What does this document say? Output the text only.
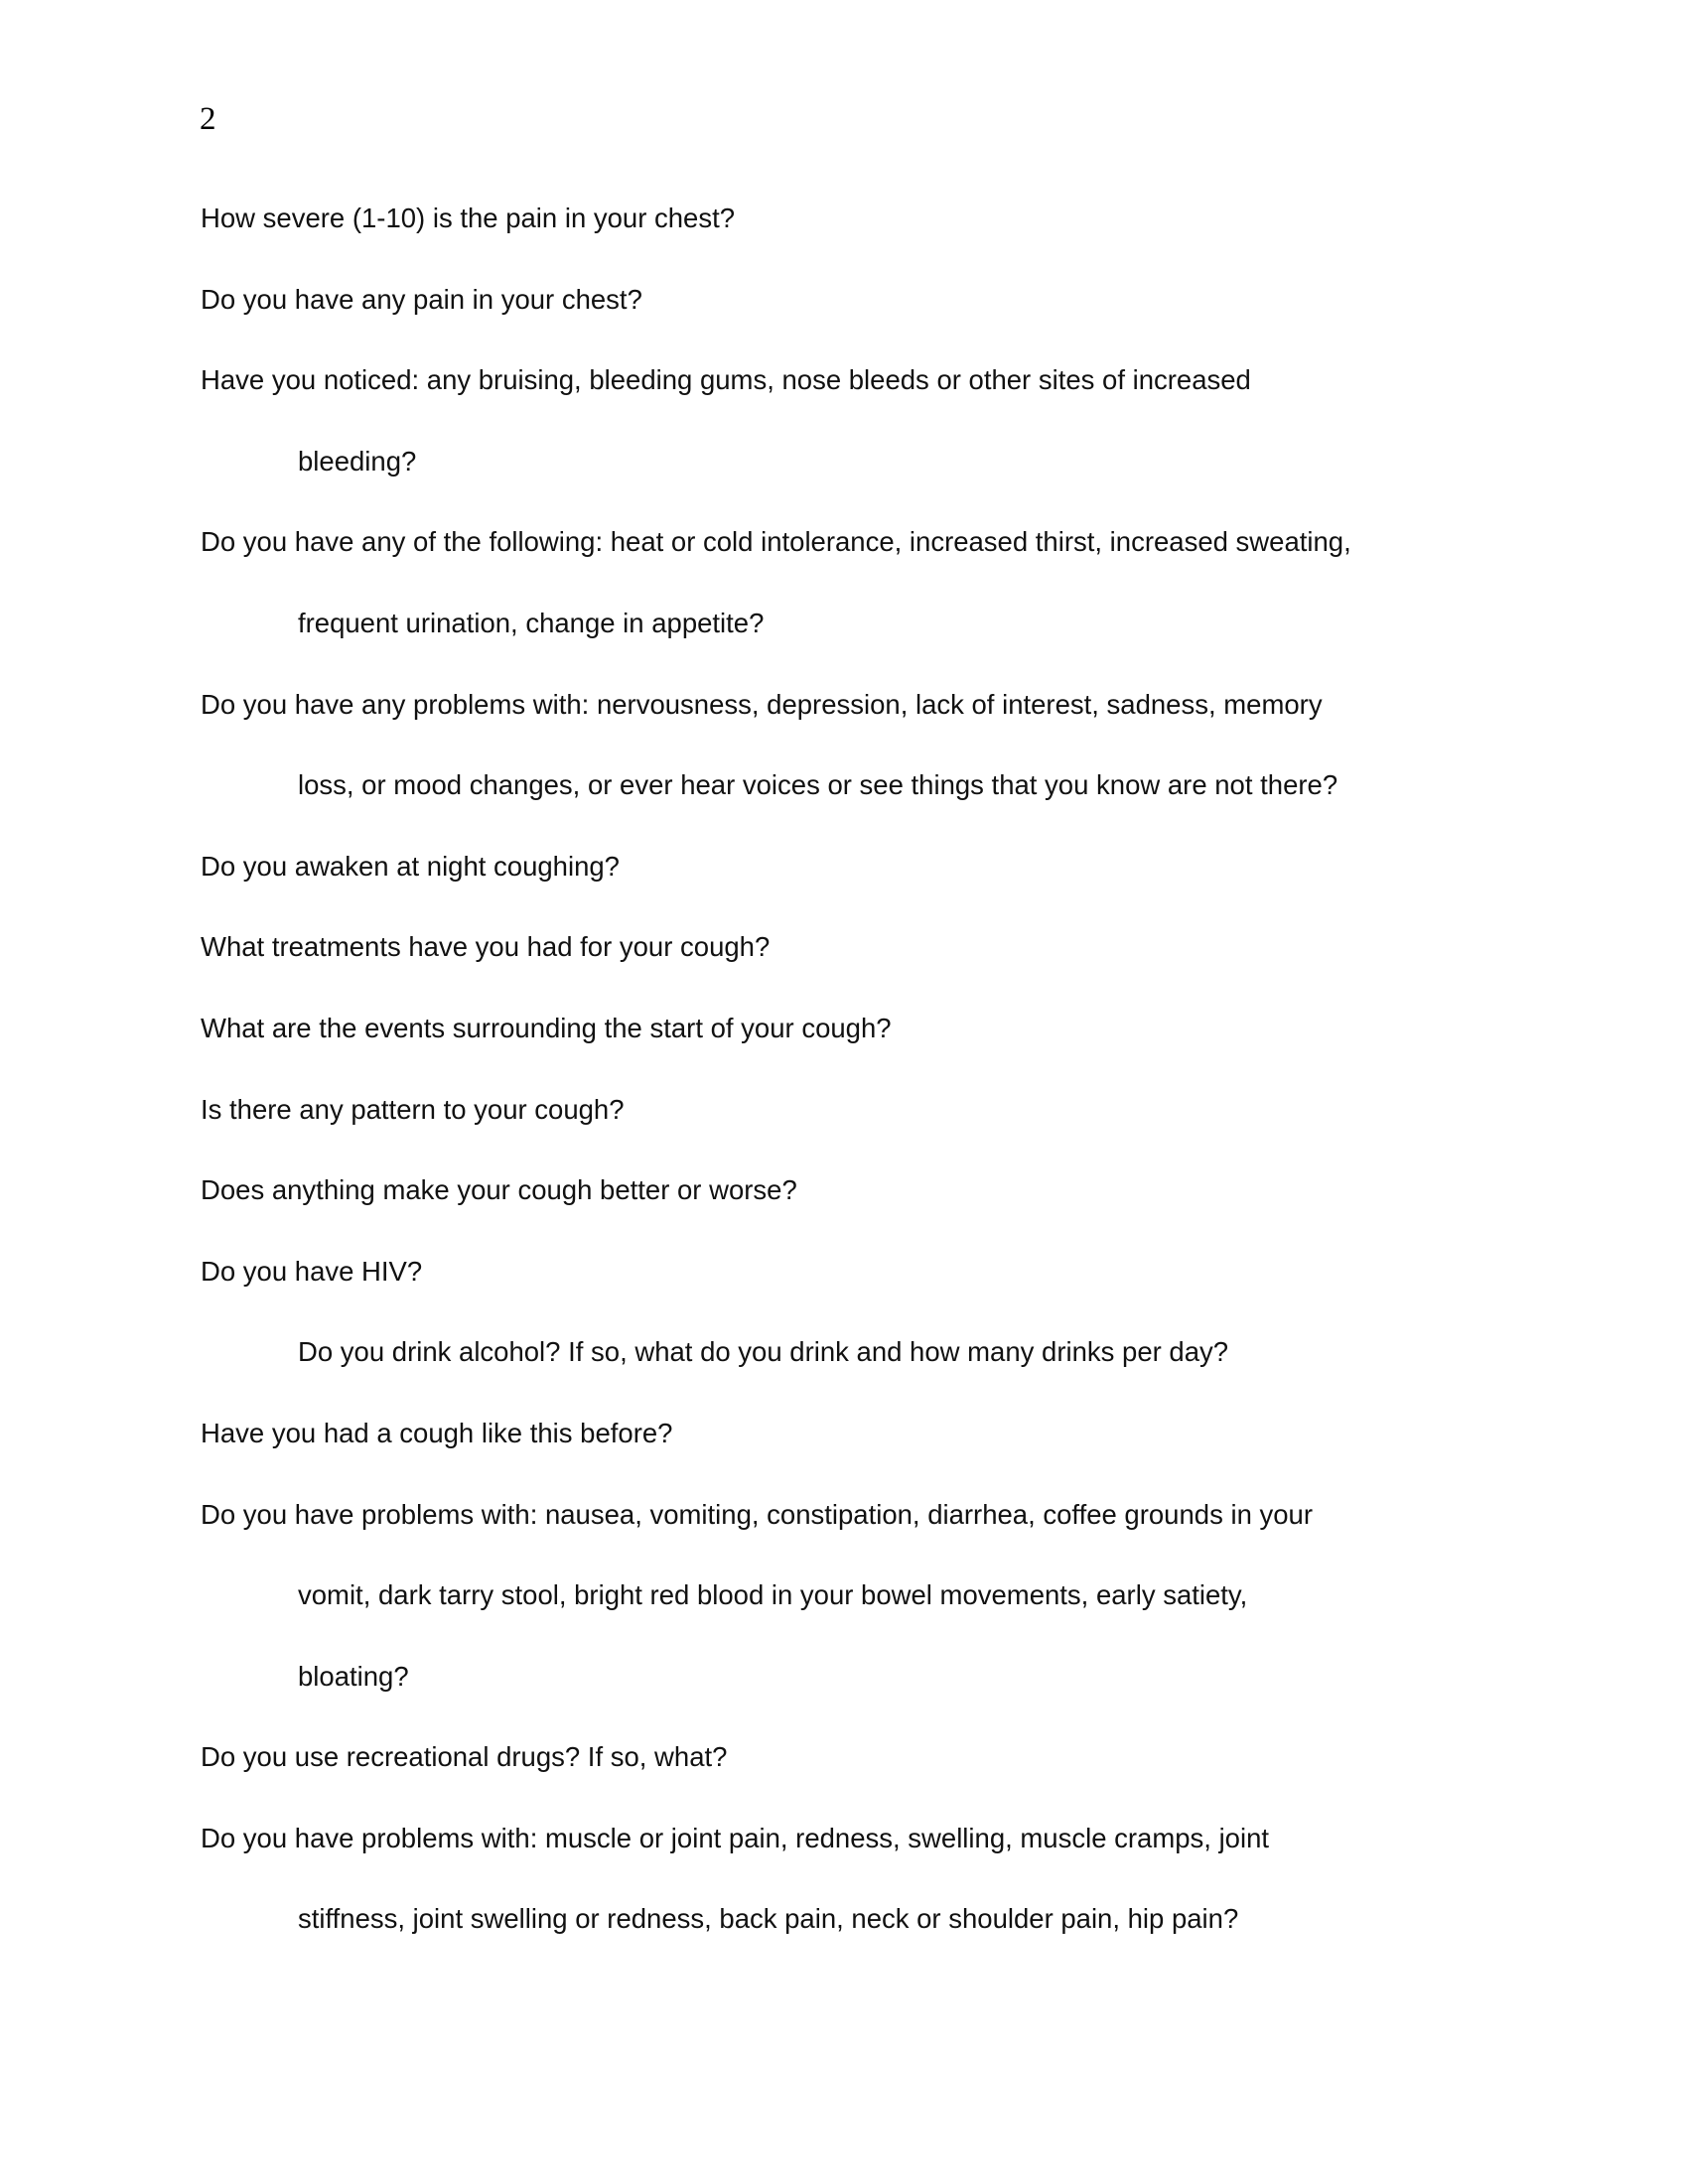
2
How severe (1-10) is the pain in your chest?
Do you have any pain in your chest?
Have you noticed: any bruising, bleeding gums, nose bleeds or other sites of increased
bleeding?
Do you have any of the following: heat or cold intolerance, increased thirst, increased sweating,
frequent urination, change in appetite?
Do you have any problems with: nervousness, depression, lack of interest, sadness, memory
loss, or mood changes, or ever hear voices or see things that you know are not there?
Do you awaken at night coughing?
What treatments have you had for your cough?
What are the events surrounding the start of your cough?
Is there any pattern to your cough?
Does anything make your cough better or worse?
Do you have HIV?
Do you drink alcohol? If so, what do you drink and how many drinks per day?
Have you had a cough like this before?
Do you have problems with: nausea, vomiting, constipation, diarrhea, coffee grounds in your
vomit, dark tarry stool, bright red blood in your bowel movements, early satiety,
bloating?
Do you use recreational drugs? If so, what?
Do you have problems with: muscle or joint pain, redness, swelling, muscle cramps, joint
stiffness, joint swelling or redness, back pain, neck or shoulder pain, hip pain?
